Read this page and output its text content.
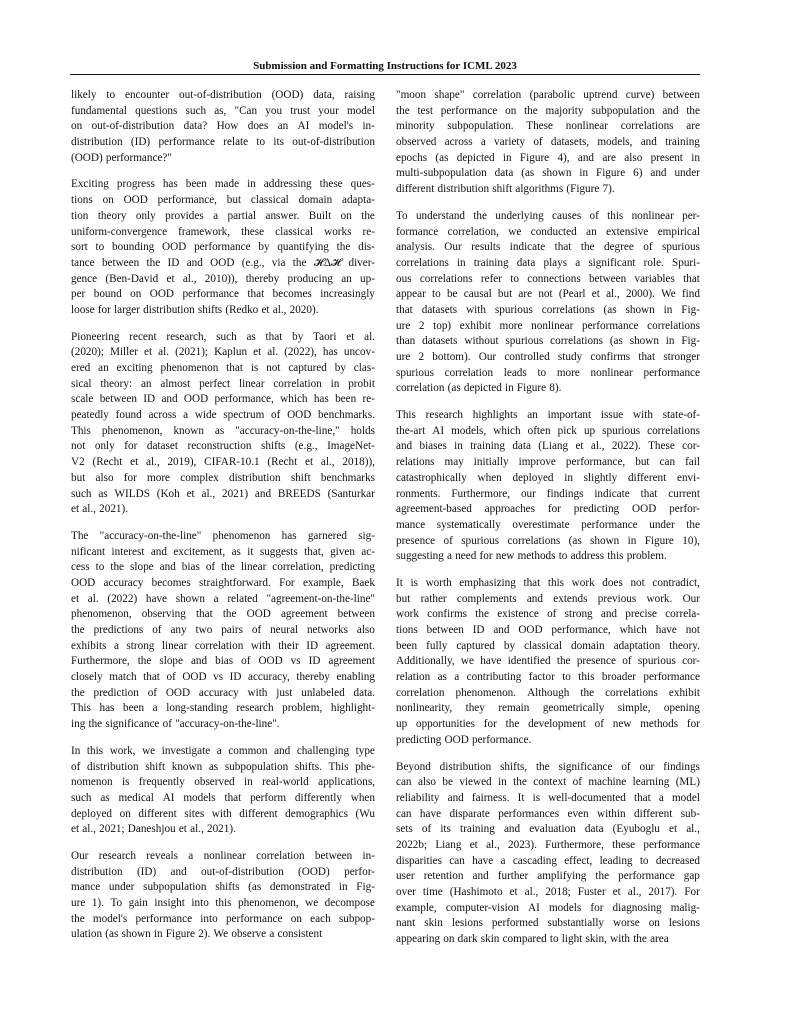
Submission and Formatting Instructions for ICML 2023
likely to encounter out-of-distribution (OOD) data, raising
fundamental questions such as, "Can you trust your model
on out-of-distribution data? How does an AI model's in-
distribution (ID) performance relate to its out-of-distribution
(OOD) performance?"
Exciting progress has been made in addressing these ques-
tions on OOD performance, but classical domain adapta-
tion theory only provides a partial answer. Built on the
uniform-convergence framework, these classical works re-
sort to bounding OOD performance by quantifying the dis-
tance between the ID and OOD (e.g., via the 𝓗Δ𝓗 diver-
gence (Ben-David et al., 2010)), thereby producing an up-
per bound on OOD performance that becomes increasingly
loose for larger distribution shifts (Redko et al., 2020).
Pioneering recent research, such as that by Taori et al.
(2020); Miller et al. (2021); Kaplun et al. (2022), has uncov-
ered an exciting phenomenon that is not captured by clas-
sical theory: an almost perfect linear correlation in probit
scale between ID and OOD performance, which has been re-
peatedly found across a wide spectrum of OOD benchmarks.
This phenomenon, known as "accuracy-on-the-line," holds
not only for dataset reconstruction shifts (e.g., ImageNet-
V2 (Recht et al., 2019), CIFAR-10.1 (Recht et al., 2018)),
but also for more complex distribution shift benchmarks
such as WILDS (Koh et al., 2021) and BREEDS (Santurkar
et al., 2021).
The "accuracy-on-the-line" phenomenon has garnered sig-
nificant interest and excitement, as it suggests that, given ac-
cess to the slope and bias of the linear correlation, predicting
OOD accuracy becomes straightforward. For example, Baek
et al. (2022) have shown a related "agreement-on-the-line"
phenomenon, observing that the OOD agreement between
the predictions of any two pairs of neural networks also
exhibits a strong linear correlation with their ID agreement.
Furthermore, the slope and bias of OOD vs ID agreement
closely match that of OOD vs ID accuracy, thereby enabling
the prediction of OOD accuracy with just unlabeled data.
This has been a long-standing research problem, highlight-
ing the significance of "accuracy-on-the-line".
In this work, we investigate a common and challenging type
of distribution shift known as subpopulation shifts. This phe-
nomenon is frequently observed in real-world applications,
such as medical AI models that perform differently when
deployed on different sites with different demographics (Wu
et al., 2021; Daneshjou et al., 2021).
Our research reveals a nonlinear correlation between in-
distribution (ID) and out-of-distribution (OOD) perfor-
mance under subpopulation shifts (as demonstrated in Fig-
ure 1). To gain insight into this phenomenon, we decompose
the model's performance into performance on each subpop-
ulation (as shown in Figure 2). We observe a consistent
"moon shape" correlation (parabolic uptrend curve) between
the test performance on the majority subpopulation and the
minority subpopulation. These nonlinear correlations are
observed across a variety of datasets, models, and training
epochs (as depicted in Figure 4), and are also present in
multi-subpopulation data (as shown in Figure 6) and under
different distribution shift algorithms (Figure 7).
To understand the underlying causes of this nonlinear per-
formance correlation, we conducted an extensive empirical
analysis. Our results indicate that the degree of spurious
correlations in training data plays a significant role. Spuri-
ous correlations refer to connections between variables that
appear to be causal but are not (Pearl et al., 2000). We find
that datasets with spurious correlations (as shown in Fig-
ure 2 top) exhibit more nonlinear performance correlations
than datasets without spurious correlations (as shown in Fig-
ure 2 bottom). Our controlled study confirms that stronger
spurious correlation leads to more nonlinear performance
correlation (as depicted in Figure 8).
This research highlights an important issue with state-of-
the-art AI models, which often pick up spurious correlations
and biases in training data (Liang et al., 2022). These cor-
relations may initially improve performance, but can fail
catastrophically when deployed in slightly different envi-
ronments. Furthermore, our findings indicate that current
agreement-based approaches for predicting OOD perfor-
mance systematically overestimate performance under the
presence of spurious correlations (as shown in Figure 10),
suggesting a need for new methods to address this problem.
It is worth emphasizing that this work does not contradict,
but rather complements and extends previous work. Our
work confirms the existence of strong and precise correla-
tions between ID and OOD performance, which have not
been fully captured by classical domain adaptation theory.
Additionally, we have identified the presence of spurious cor-
relation as a contributing factor to this broader performance
correlation phenomenon. Although the correlations exhibit
nonlinearity, they remain geometrically simple, opening
up opportunities for the development of new methods for
predicting OOD performance.
Beyond distribution shifts, the significance of our findings
can also be viewed in the context of machine learning (ML)
reliability and fairness. It is well-documented that a model
can have disparate performances even within different sub-
sets of its training and evaluation data (Eyuboglu et al.,
2022b; Liang et al., 2023). Furthermore, these performance
disparities can have a cascading effect, leading to decreased
user retention and further amplifying the performance gap
over time (Hashimoto et al., 2018; Fuster et al., 2017). For
example, computer-vision AI models for diagnosing malig-
nant skin lesions performed substantially worse on lesions
appearing on dark skin compared to light skin, with the area
